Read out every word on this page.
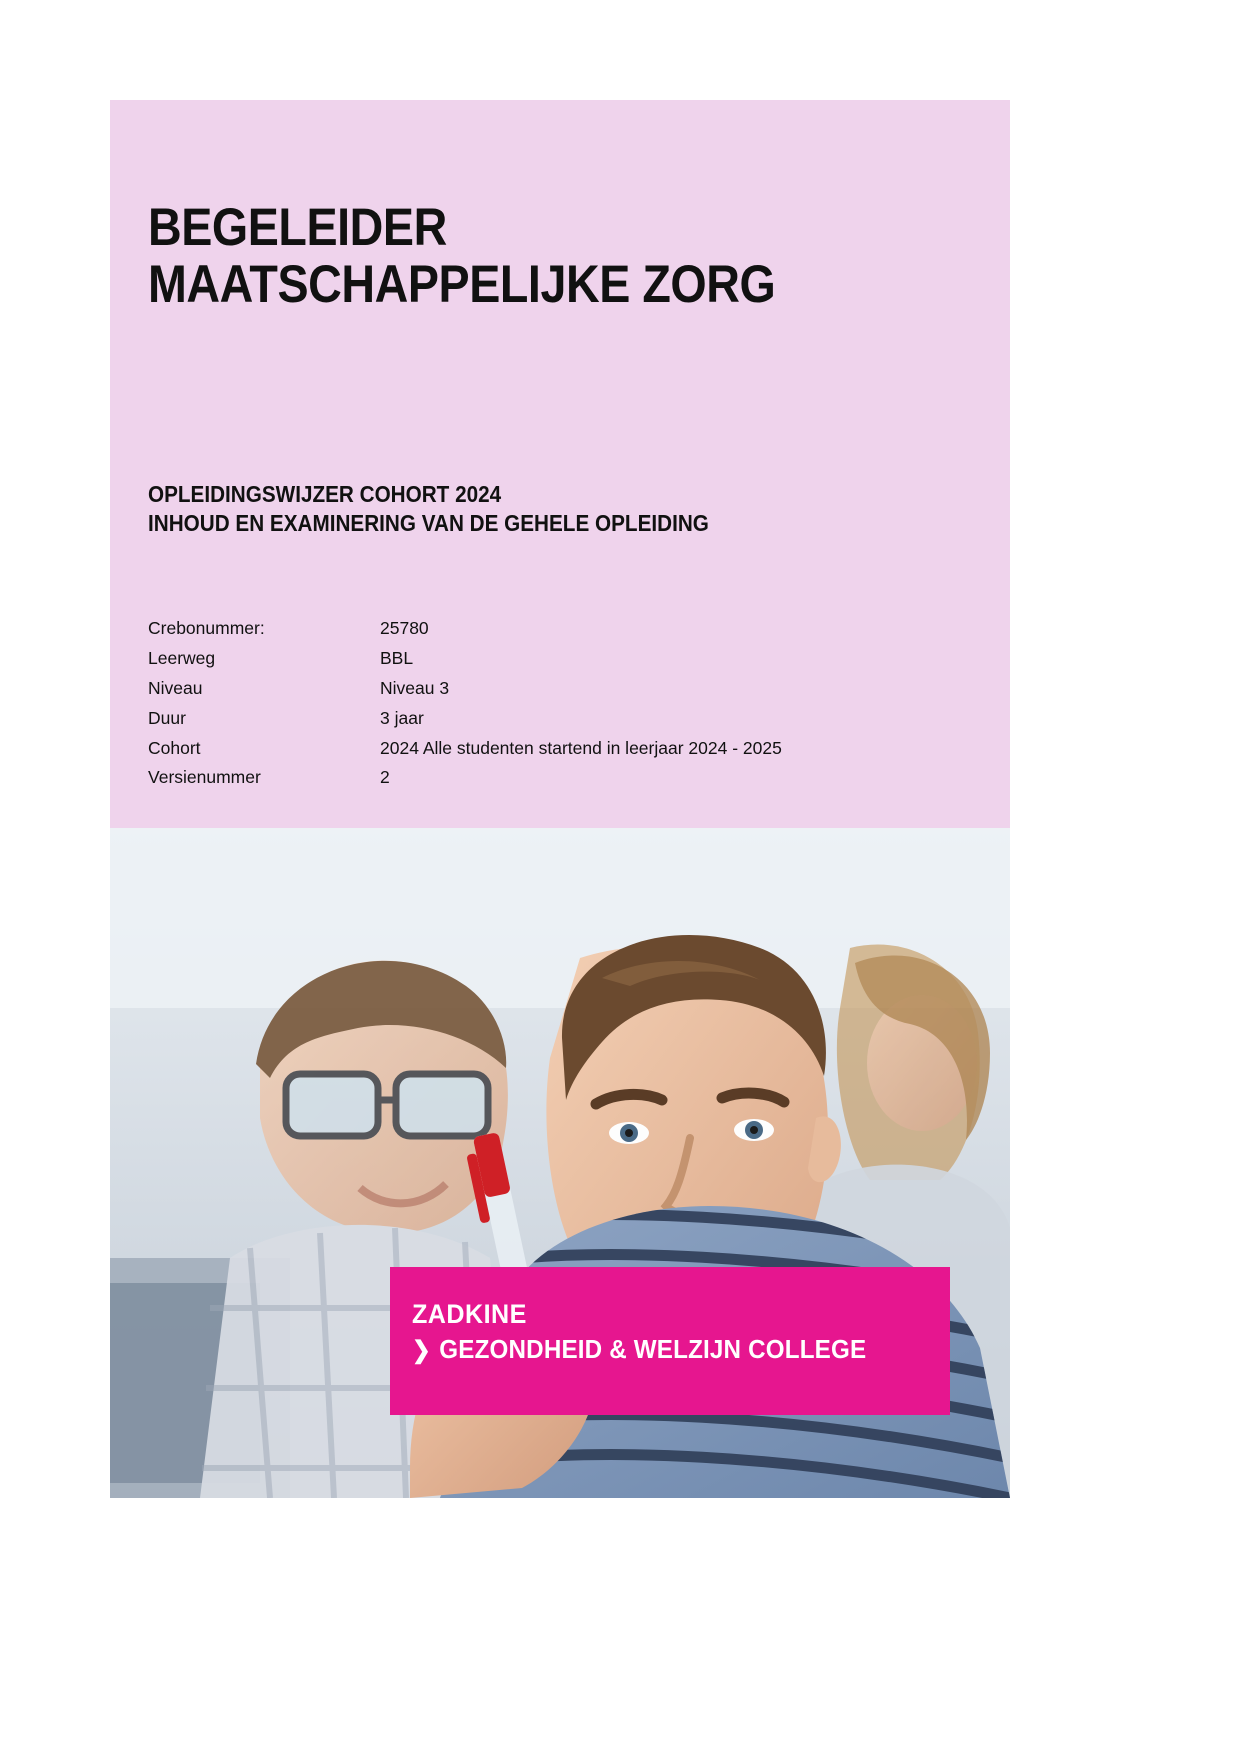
BEGELEIDER
MAATSCHAPPELIJKE ZORG

OPLEIDINGSWIJZER COHORT 2024
INHOUD EN EXAMINERING VAN DE GEHELE OPLEIDING

Crebonummer:	25780
Leerweg	BBL
Niveau	Niveau 3
Duur	3 jaar
Cohort	2024 Alle studenten startend in leerjaar 2024 - 2025
Versienummer	2
ZADKINE
❯ GEZONDHEID & WELZIJN COLLEGE
